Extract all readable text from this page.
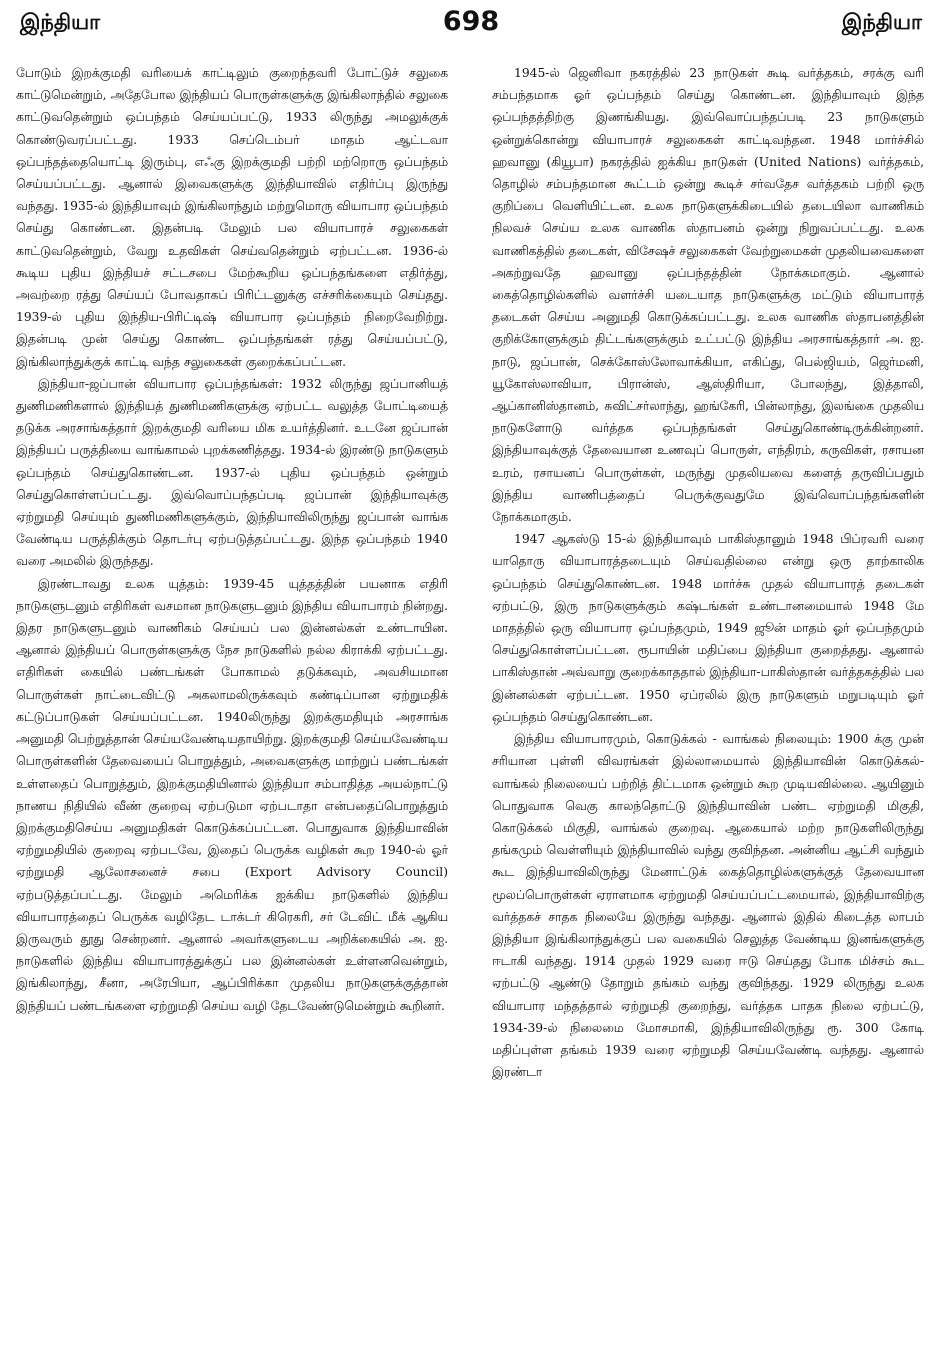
இந்தியா	698	இந்தியா

போடும் இறக்குமதி வரியைக் காட்டிலும் குறைந்தவரி போட்டுச் சலுகை காட்டுமென்றும், அதேபோல இந்தியப் பொருள்களுக்கு இங்கிலாந்தில் சலுகை காட்டுவதென்றும் ஒப்பந்தம் செய்யப்பட்டு, 1933 லிருந்து அமலுக்குக் கொண்டுவரப்பட்டது. 1933 செப்டெம்பர் மாதம் ஆட்டவா ஒப்பந்தத்தையொட்டி இரும்பு, எஃகு இறக்குமதி பற்றி மற்றொரு ஒப்பந்தம் செய்யப்பட்டது. ஆனால் இவைகளுக்கு இந்தியாவில் எதிர்ப்பு இருந்து வந்தது. 1935-ல் இந்தியாவும் இங்கிலாந்தும் மற்றுமொரு வியாபார ஒப்பந்தம் செய்து கொண்டன. இதன்படி மேலும் பல வியாபாரச் சலுகைகள் காட்டுவதென்றும், வேறு உதவிகள் செய்வதென்றும் ஏற்பட்டன. 1936-ல் கூடிய புதிய இந்தியச் சட்டசபை மேற்கூறிய ஒப்பந்தங்களை எதிர்த்து, அவற்றை ரத்து செய்யப் போவதாகப் பிரிட்டனுக்கு எச்சரிக்கையும் செய்தது. 1939-ல் புதிய இந்திய-பிரிட்டிஷ் வியாபார ஒப்பந்தம் நிறைவேறிற்று. இதன்படி முன் செய்து கொண்ட ஒப்பந்தங்கள் ரத்து செய்யப்பட்டு, இங்கிலாந்துக்குக் காட்டி வந்த சலுகைகள் குறைக்கப்பட்டன.

இந்தியா-ஜப்பான் வியாபார ஒப்பந்தங்கள்: 1932 லிருந்து ஜப்பானியத் துணிமணிகளால் இந்தியத் துணிமணிகளுக்கு ஏற்பட்ட வலுத்த போட்டியைத் தடுக்க அரசாங்கத்தார் இறக்குமதி வரியை மிக உயர்த்தினர். உடனே ஜப்பான் இந்தியப் பருத்தியை வாங்காமல் புறக்கணித்தது. 1934-ல் இரண்டு நாடுகளும் ஒப்பந்தம் செய்துகொண்டன. 1937-ல் புதிய ஒப்பந்தம் ஒன்றும் செய்துகொள்ளப்பட்டது. இவ்வொப்பந்தப்படி ஜப்பான் இந்தியாவுக்கு ஏற்றுமதி செய்யும் துணிமணிகளுக்கும், இந்தியாவிலிருந்து ஜப்பான் வாங்க வேண்டிய பருத்திக்கும் தொடர்பு ஏற்படுத்தப்பட்டது. இந்த ஒப்பந்தம் 1940 வரை அமலில் இருந்தது.

இரண்டாவது உலக யுத்தம்: 1939-45 யுத்தத்தின் பயனாக எதிரி நாடுகளுடனும் எதிரிகள் வசமான நாடுகளுடனும் இந்திய வியாபாரம் நின்றது. இதர நாடுகளுடனும் வாணிகம் செய்யப் பல இன்னல்கள் உண்டாயின. ஆனால் இந்தியப் பொருள்களுக்கு நேச நாடுகளில் நல்ல கிராக்கி ஏற்பட்டது. எதிரிகள் கையில் பண்டங்கள் போகாமல் தடுக்கவும், அவசியமான பொருள்கள் நாட்டைவிட்டு அகலாமலிருக்கவும் கண்டிப்பான ஏற்றுமதிக் கட்டுப்பாடுகள் செய்யப்பட்டன. 1940லிருந்து இறக்குமதியும் அரசாங்க அனுமதி பெற்றுத்தான் செய்யவேண்டியதாயிற்று. இறக்குமதி செய்யவேண்டிய பொருள்களின் தேவையைப் பொறுத்தும், அவைகளுக்கு மாற்றுப் பண்டங்கள் உள்ளதைப் பொறுத்தும், இறக்குமதியினால் இந்தியா சம்பாதித்த அயல்நாட்டு நாணய நிதியில் வீண் குறைவு ஏற்படுமா ஏற்படாதா என்பதைப்பொறுத்தும் இறக்குமதிசெய்ய அனுமதிகள் கொடுக்கப்பட்டன. பொதுவாக இந்தியாவின் ஏற்றுமதியில் குறைவு ஏற்படவே, இதைப் பெருக்க வழிகள் கூற 1940-ல் ஓர் ஏற்றுமதி ஆலோசனைச் சபை (Export Advisory Council) ஏற்படுத்தப்பட்டது. மேலும் அமெரிக்க ஐக்கிய நாடுகளில் இந்திய வியாபாரத்தைப் பெருக்க வழிதேட டாக்டர் கிரெகரி, சர் டேவிட் மீக் ஆகிய இருவரும் தூது சென்றனர். ஆனால் அவர்களுடைய அறிக்கையில் அ. ஐ. நாடுகளில் இந்திய வியாபாரத்துக்குப் பல இன்னல்கள் உள்ளனவென்றும், இங்கிலாந்து, சீனா, அரேபியா, ஆப்பிரிக்கா முதலிய நாடுகளுக்குத்தான் இந்தியப் பண்டங்களை ஏற்றுமதி செய்ய வழி தேடவேண்டுமென்றும் கூறினர்.

1945-ல் ஜெனிவா நகரத்தில் 23 நாடுகள் கூடி வர்த்தகம், சரக்கு வரி சம்பந்தமாக ஓர் ஒப்பந்தம் செய்து கொண்டன. இந்தியாவும் இந்த ஒப்பந்தத்திற்கு இணங்கியது. இவ்வொப்பந்தப்படி 23 நாடுகளும் ஒன்றுக்கொன்று வியாபாரச் சலுகைகள் காட்டிவந்தன. 1948 மார்ச்சில் ஹவானு (கியூபா) நகரத்தில் ஐக்கிய நாடுகள் (United Nations) வர்த்தகம், தொழில் சம்பந்தமான கூட்டம் ஒன்று கூடிச் சர்வதேச வர்த்தகம் பற்றி ஒரு குறிப்பை வெளியிட்டன. உலக நாடுகளுக்கிடையில் தடையிலா வாணிகம் நிலவச் செய்ய உலக வாணிக ஸ்தாபனம் ஒன்று நிறுவப்பட்டது. உலக வாணிகத்தில் தடைகள், விசேஷச் சலுகைகள் வேற்றுமைகள் முதலியவைகளை அகற்றுவதே ஹவானு ஒப்பந்தத்தின் நோக்கமாகும். ஆனால் கைத்தொழில்களில் வளர்ச்சி யடையாத நாடுகளுக்கு மட்டும் வியாபாரத் தடைகள் செய்ய அனுமதி கொடுக்கப்பட்டது. உலக வாணிக ஸ்தாபனத்தின் குறிக்கோளுக்கும் திட்டங்களுக்கும் உட்பட்டு இந்திய அரசாங்கத்தார் அ. ஐ. நாடு, ஜப்பான், செக்கோஸ்லோவாக்கியா, எகிப்து, பெல்ஜியம், ஜெர்மனி, யூகோஸ்லாவியா, பிரான்ஸ், ஆஸ்திரியா, போலந்து, இத்தாலி, ஆப்கானிஸ்தானம், சுவிட்சர்லாந்து, ஹங்கேரி, பின்லாந்து, இலங்கை முதலிய நாடுகளோடு வர்த்தக ஒப்பந்தங்கள் செய்துகொண்டிருக்கின்றனர். இந்தியாவுக்குத் தேவையான உணவுப் பொருள், எந்திரம், கருவிகள், ரசாயன உரம், ரசாயனப் பொருள்கள், மருந்து முதலியவை களைத் தருவிப்பதும் இந்திய வாணிபத்தைப் பெருக்குவதுமே இவ்வொப்பந்தங்களின் நோக்கமாகும்.

1947 ஆகஸ்டு 15-ல் இந்தியாவும் பாகிஸ்தானும் 1948 பிப்ரவரி வரை யாதொரு வியாபாரத்தடையும் செய்வதில்லை என்று ஒரு தாற்காலிக ஒப்பந்தம் செய்துகொண்டன. 1948 மார்ச்சு முதல் வியாபாரத் தடைகள் ஏற்பட்டு, இரு நாடுகளுக்கும் கஷ்டங்கள் உண்டானமையால் 1948 மே மாதத்தில் ஒரு வியாபார ஒப்பந்தமும், 1949 ஜூன் மாதம் ஓர் ஒப்பந்தமும் செய்துகொள்ளப்பட்டன. ரூபாயின் மதிப்பை இந்தியா குறைத்தது. ஆனால் பாகிஸ்தான் அவ்வாறு குறைக்காததால் இந்தியா-பாகிஸ்தான் வர்த்தகத்தில் பல இன்னல்கள் ஏற்பட்டன. 1950 ஏப்ரலில் இரு நாடுகளும் மறுபடியும் ஓர் ஒப்பந்தம் செய்துகொண்டன.

இந்திய வியாபாரமும், கொடுக்கல் - வாங்கல் நிலையும்: 1900 க்கு முன் சரியான புள்ளி விவரங்கள் இல்லாமையால் இந்தியாவின் கொடுக்கல்-வாங்கல் நிலையைப் பற்றித் திட்டமாக ஒன்றும் கூற முடியவில்லை. ஆயினும் பொதுவாக வெகு காலந்தொட்டு இந்தியாவின் பண்ட ஏற்றுமதி மிகுதி, கொடுக்கல் மிகுதி, வாங்கல் குறைவு. ஆகையால் மற்ற நாடுகளிலிருந்து தங்கமும் வெள்ளியும் இந்தியாவில் வந்து குவிந்தன. அன்னிய ஆட்சி வந்தும் கூட இந்தியாவிலிருந்து மேனாட்டுக் கைத்தொழில்களுக்குத் தேவையான மூலப்பொருள்கள் ஏராளமாக ஏற்றுமதி செய்யப்பட்டமையால், இந்தியாவிற்கு வர்த்தகச் சாதக நிலையே இருந்து வந்தது. ஆனால் இதில் கிடைத்த லாபம் இந்தியா இங்கிலாந்துக்குப் பல வகையில் செலுத்த வேண்டிய இனங்களுக்கு ஈடாகி வந்தது. 1914 முதல் 1929 வரை ஈடு செய்தது போக மிச்சம் கூட ஏற்பட்டு ஆண்டு தோறும் தங்கம் வந்து குவிந்தது. 1929 லிருந்து உலக வியாபார மந்தத்தால் ஏற்றுமதி குறைந்து, வர்த்தக பாதக நிலை ஏற்பட்டு, 1934-39-ல் நிலைமை மோசமாகி, இந்தியாவிலிருந்து ரூ. 300 கோடி மதிப்புள்ள தங்கம் 1939 வரை ஏற்றுமதி செய்யவேண்டி வந்தது. ஆனால் இரண்டா
